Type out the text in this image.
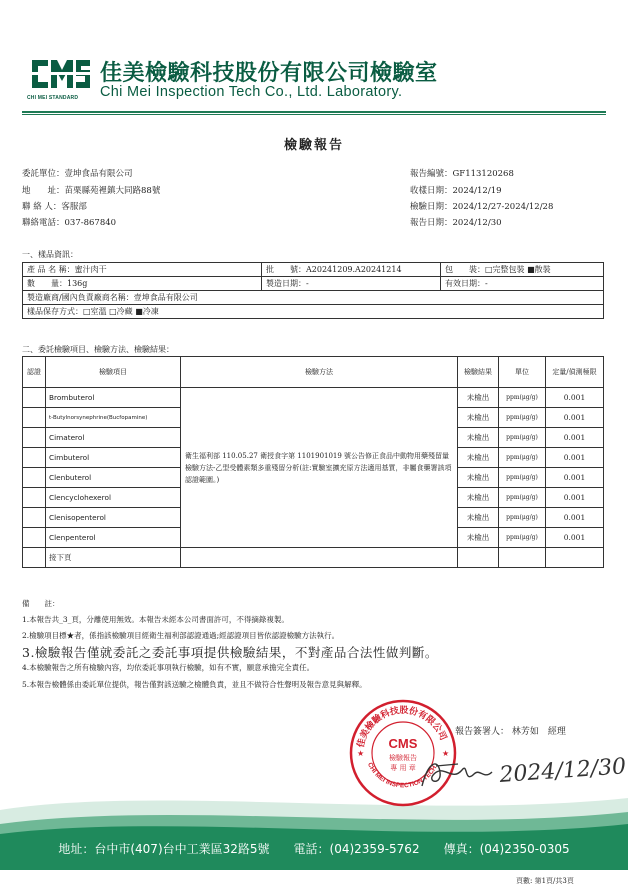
CHI MEI STANDARD
佳美檢驗科技股份有限公司檢驗室
Chi Mei Inspection Tech Co., Ltd. Laboratory.
檢驗報告
委託單位：壹坤食品有限公司
地　　址：苗栗縣苑裡鎮大同路88號
聯 絡 人：客服部
聯絡電話：037-867840
報告編號：GF113120268
收樣日期：2024/12/19
檢驗日期：2024/12/27-2024/12/28
報告日期：2024/12/30
一、樣品資訊：
產 品 名 稱：蜜汁肉干	批　　號：A20241209.A20241214	包　　裝：□完整包裝 ■散裝
數　　量：136g	製造日期：-	有效日期：-
製造廠商/國內負責廠商名稱：壹坤食品有限公司		
樣品保存方式：□室溫 □冷藏 ■冷凍		
二、委託檢驗項目、檢驗方法、檢驗結果：
認證	檢驗項目	檢驗方法	檢驗結果	單位	定量/偵測極限
	Brombuterol	衛生福利部 110.05.27 衛授食字第 1101901019 號公告修正食品中動物用藥殘留量檢驗方法-乙型受體素類多重殘留分析(註:實驗室擴充原方法適用基質，非屬食藥署該項認證範圍。)	未檢出	ppm(μg/g)	0.001
	t-Butylnorsynephrine(Bucfopamine)		未檢出	ppm(μg/g)	0.001
	Cimaterol		未檢出	ppm(μg/g)	0.001
	Cimbuterol		未檢出	ppm(μg/g)	0.001
	Clenbuterol		未檢出	ppm(μg/g)	0.001
	Clencyclohexerol		未檢出	ppm(μg/g)	0.001
	Clenisopenterol		未檢出	ppm(μg/g)	0.001
	Clenpenterol		未檢出	ppm(μg/g)	0.001
	接下頁				
備　　註：
1.本報告共_3_頁，分離使用無效。本報告未經本公司書面許可，不得摘錄複製。
2.檢驗項目標★者，係指該檢驗項目經衛生福利部認證通過;經認證項目皆依認證檢驗方法執行。
3.檢驗報告僅就委託之委託事項提供檢驗結果，不對產品合法性做判斷。
4.本檢驗報告之所有檢驗內容，均依委託事項執行檢驗，如有不實，願意承擔完全責任。
5.本報告檢體係由委託單位提供，報告僅對該送驗之檢體負責，並且不做符合性聲明及報告意見與解釋。
地址：台中市(407)台中工業區32路5號　　電話：(04)2359-5762　　傳真：(04)2350-0305
佳美檢驗科技股份有限公司
CHI MEI INSPECTION TECH
CMS
檢驗報告
專 用 章
★	★
報告簽署人： 林芳如　經理
2024/12/30
頁數: 第1頁/共3頁
